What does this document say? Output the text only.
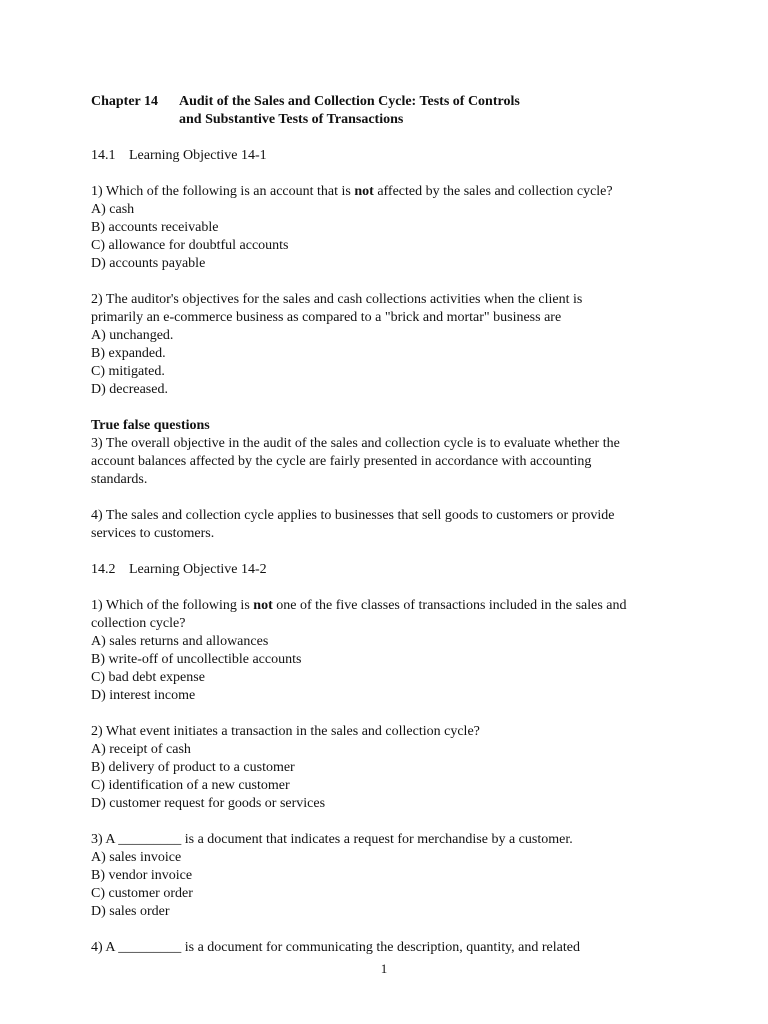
Chapter 14 Audit of the Sales and Collection Cycle: Tests of Controls
and Substantive Tests of Transactions
14.1 Learning Objective 14-1
1) Which of the following is an account that is not affected by the sales and collection cycle?
A) cash
B) accounts receivable
C) allowance for doubtful accounts
D) accounts payable
2) The auditor's objectives for the sales and cash collections activities when the client is
primarily an e-commerce business as compared to a "brick and mortar" business are
A) unchanged.
B) expanded.
C) mitigated.
D) decreased.
True false questions
3) The overall objective in the audit of the sales and collection cycle is to evaluate whether the
account balances affected by the cycle are fairly presented in accordance with accounting
standards.
4) The sales and collection cycle applies to businesses that sell goods to customers or provide
services to customers.
14.2 Learning Objective 14-2
1) Which of the following is not one of the five classes of transactions included in the sales and
collection cycle?
A) sales returns and allowances
B) write-off of uncollectible accounts
C) bad debt expense
D) interest income
2) What event initiates a transaction in the sales and collection cycle?
A) receipt of cash
B) delivery of product to a customer
C) identification of a new customer
D) customer request for goods or services
3) A _________ is a document that indicates a request for merchandise by a customer.
A) sales invoice
B) vendor invoice
C) customer order
D) sales order
4) A _________ is a document for communicating the description, quantity, and related
1
